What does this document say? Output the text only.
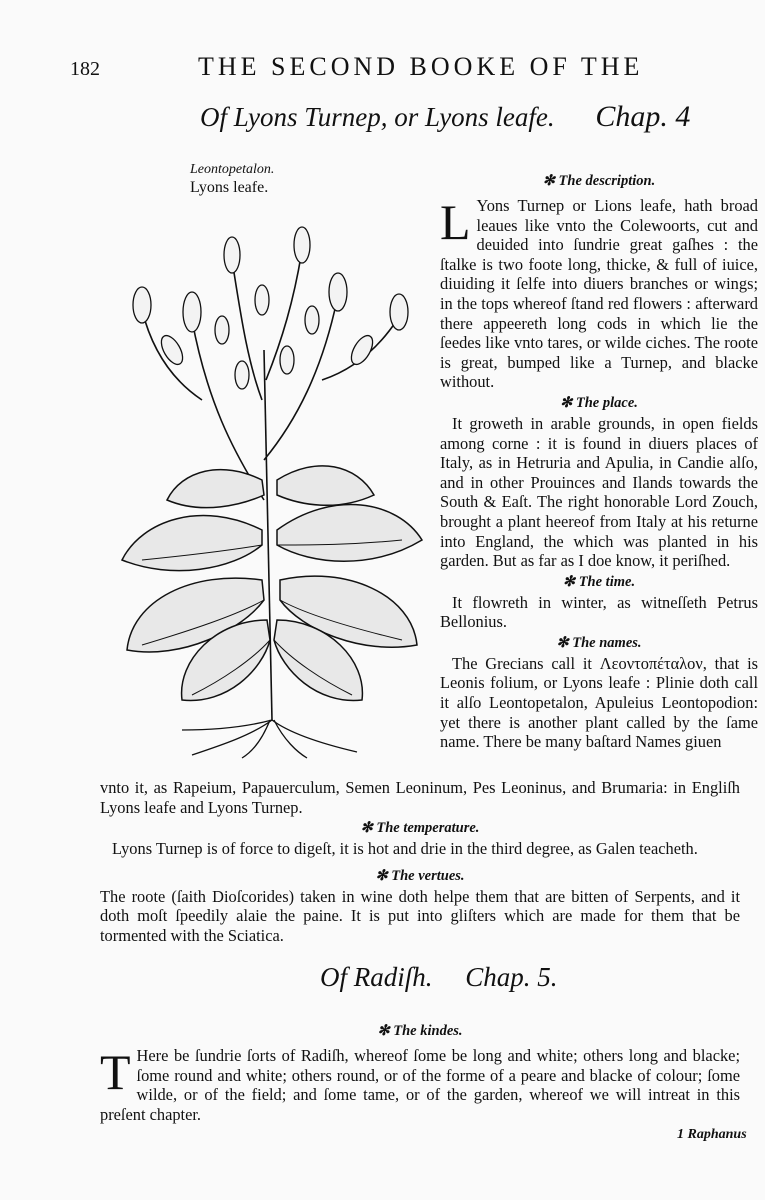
182	THE SECOND BOOKE OF THE
Of Lyons Turnep, or Lyons leafe. Chap. 4
Leontopetalon.
Lyons leafe.	✻ The description.

L Yons Turnep or Lions leafe, hath broad leaues like vnto the Colewoorts, cut and deuided into ſundrie great gaſhes : the ſtalke is two foote long, thicke, & full of iuice, diuiding it ſelfe into diuers branches or wings; in the tops whereof ſtand red flowers : afterward there appeereth long cods in which lie the ſeedes like vnto tares, or wilde ciches. The roote is great, bumped like a Turnep, and blacke without.

✻ The place.

It groweth in arable grounds, in open fields among corne : it is found in diuers places of Italy, as in Hetruria and Apulia, in Candie alſo, and in other Prouinces and Ilands towards the South & Eaſt. The right honorable Lord Zouch, brought a plant heereof from Italy at his returne into England, the which was planted in his garden. But as far as I doe know, it periſhed.

✻ The time.

It flowreth in winter, as witneſſeth Petrus Bellonius.

✻ The names.

The Grecians call it Λεοντοπέταλον, that is Leonis folium, or Lyons leafe : Plinie doth call it alſo Leontopetalon, Apuleius Leontopodion: yet there is another plant called by the ſame name. There be many baſtard Names giuen

vnto it, as Rapeium, Papauerculum, Semen Leoninum, Pes Leoninus, and Brumaria: in Engliſh Lyons leafe and Lyons Turnep.

✻ The temperature.

Lyons Turnep is of force to digeſt, it is hot and drie in the third degree, as Galen teacheth.

✻ The vertues.

The roote (ſaith Dioſcorides) taken in wine doth helpe them that are bitten of Serpents, and it doth moſt ſpeedily alaie the paine. It is put into gliſters which are made for them that be tormented with the Sciatica.

Of Radiſh. Chap. 5.
✻ The kindes.

T Here be ſundrie ſorts of Radiſh, whereof ſome be long and white; others long and blacke; ſome round and white; others round, or of the forme of a peare and blacke of colour; ſome wilde, or of the field; and ſome tame, or of the garden, whereof we will intreat in this preſent chapter.

1 Raphanus
